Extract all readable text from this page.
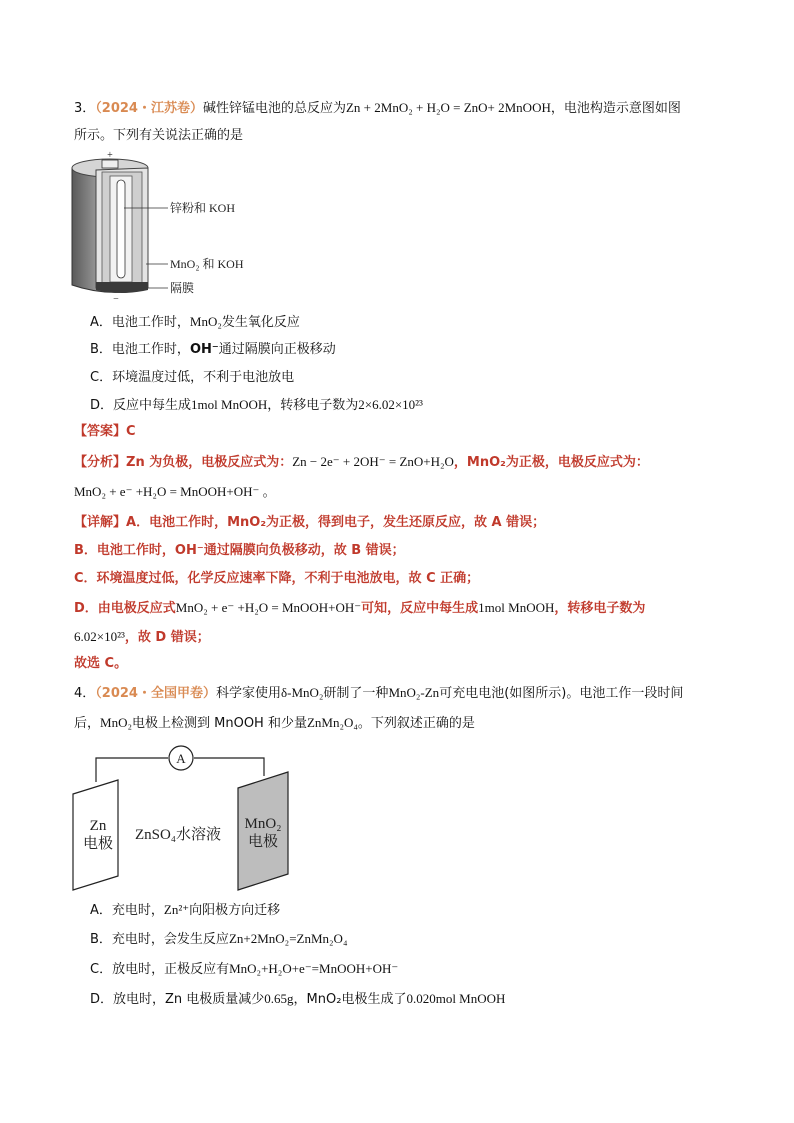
3．（2024・江苏卷）碱性锌锰电池的总反应为Zn + 2MnO₂ + H₂O = ZnO+ 2MnOOH，电池构造示意图如图
所示。下列有关说法正确的是
+
−
锌粉和 KOH
MnO₂ 和 KOH
隔膜
A．电池工作时，MnO₂发生氧化反应
B．电池工作时，OH⁻通过隔膜向正极移动
C．环境温度过低，不利于电池放电
D．反应中每生成1mol MnOOH，转移电子数为2×6.02×10²³
【答案】C
【分析】Zn 为负极，电极反应式为：Zn − 2e⁻ + 2OH⁻ = ZnO+H₂O，MnO₂为正极，电极反应式为：
MnO₂ + e⁻ +H₂O = MnOOH+OH⁻ 。
【详解】A．电池工作时，MnO₂为正极，得到电子，发生还原反应，故 A 错误；
B．电池工作时，OH⁻通过隔膜向负极移动，故 B 错误；
C．环境温度过低，化学反应速率下降，不利于电池放电，故 C 正确；
D．由电极反应式MnO₂ + e⁻ +H₂O = MnOOH+OH⁻可知，反应中每生成1mol MnOOH，转移电子数为
6.02×10²³，故 D 错误；
故选 C。
4．（2024・全国甲卷）科学家使用δ-MnO₂研制了一种MnO₂-Zn可充电电池(如图所示)。电池工作一段时间
后，MnO₂电极上检测到 MnOOH 和少量ZnMn₂O₄。下列叙述正确的是
A
Zn
电极
ZnSO₄水溶液
MnO₂
电极
A．充电时，Zn²⁺向阳极方向迁移
B．充电时，会发生反应Zn+2MnO₂=ZnMn₂O₄
C．放电时，正极反应有MnO₂+H₂O+e⁻=MnOOH+OH⁻
D．放电时，Zn 电极质量减少0.65g，MnO₂电极生成了0.020mol MnOOH
